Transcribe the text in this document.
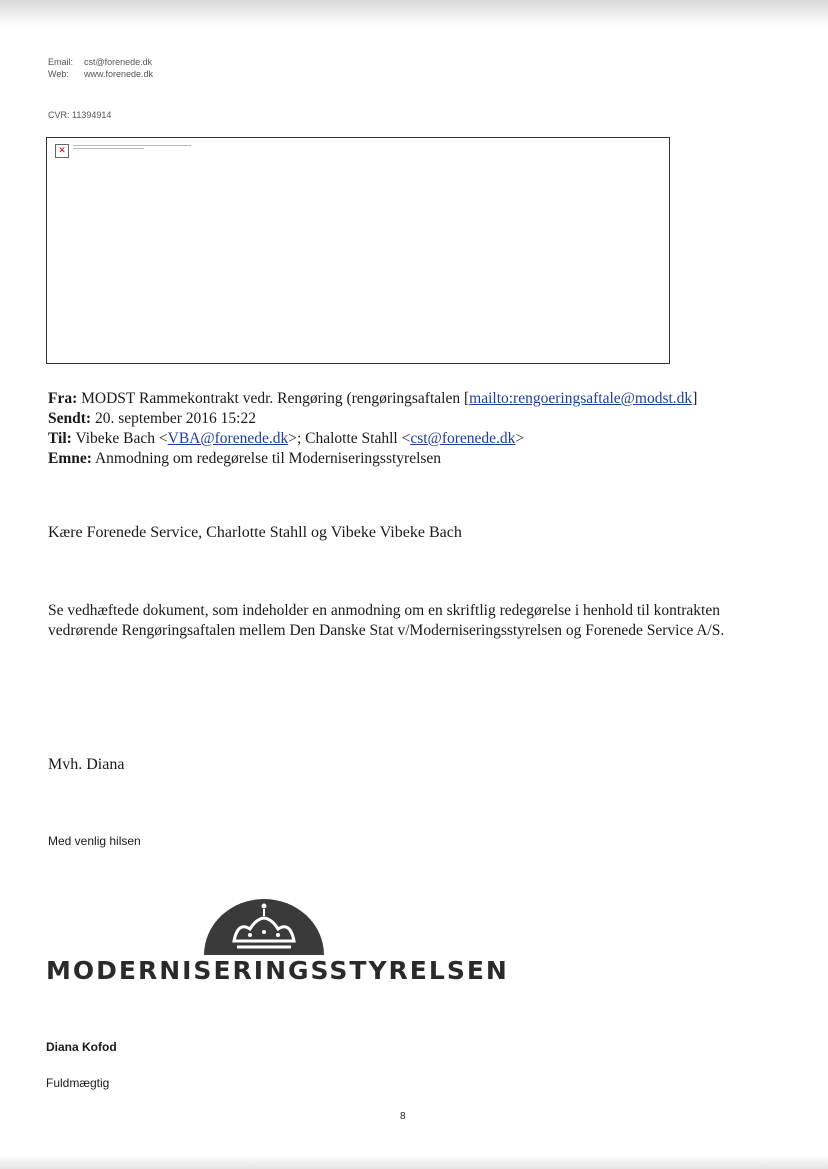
Email:	cst@forenede.dk
Web:	www.forenede.dk
CVR: 11394914
✕
Fra: MODST Rammekontrakt vedr. Rengøring (rengøringsaftalen [mailto:rengoeringsaftale@modst.dk]
Sendt: 20. september 2016 15:22
Til: Vibeke Bach <VBA@forenede.dk>; Chalotte Stahll <cst@forenede.dk>
Emne: Anmodning om redegørelse til Moderniseringsstyrelsen
Kære Forenede Service, Charlotte Stahll og Vibeke Vibeke Bach
Se vedhæftede dokument, som indeholder en anmodning om en skriftlig redegørelse i henhold til kontrakten vedrørende Rengøringsaftalen mellem Den Danske Stat v/Moderniseringsstyrelsen og Forenede Service A/S.
Mvh. Diana
Med venlig hilsen
MODERNISERINGSSTYRELSEN
Diana Kofod
Fuldmægtig
8
